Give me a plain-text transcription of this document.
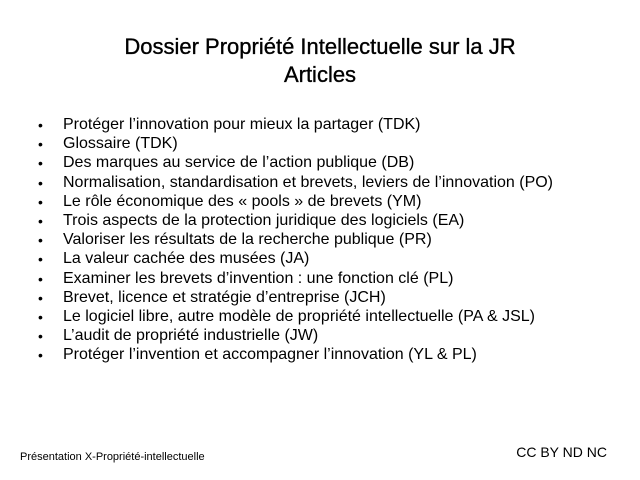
Dossier Propriété Intellectuelle sur la JR
Articles
•	Protéger l’innovation pour mieux la partager (TDK)
•	Glossaire (TDK)
•	Des marques au service de l’action publique (DB)
•	Normalisation, standardisation et brevets, leviers de l’innovation (PO)
•	Le rôle économique des « pools » de brevets (YM)
•	Trois aspects de la protection juridique des logiciels (EA)
•	Valoriser les résultats de la recherche publique (PR)
•	La valeur cachée des musées (JA)
•	Examiner les brevets d’invention : une fonction clé (PL)
•	Brevet, licence et stratégie d’entreprise (JCH)
•	Le logiciel libre, autre modèle de propriété intellectuelle (PA & JSL)
•	L’audit de propriété industrielle (JW)
•	Protéger l’invention et accompagner l’innovation (YL & PL)
Présentation X-Propriété-intellectuelle	CC BY ND NC
